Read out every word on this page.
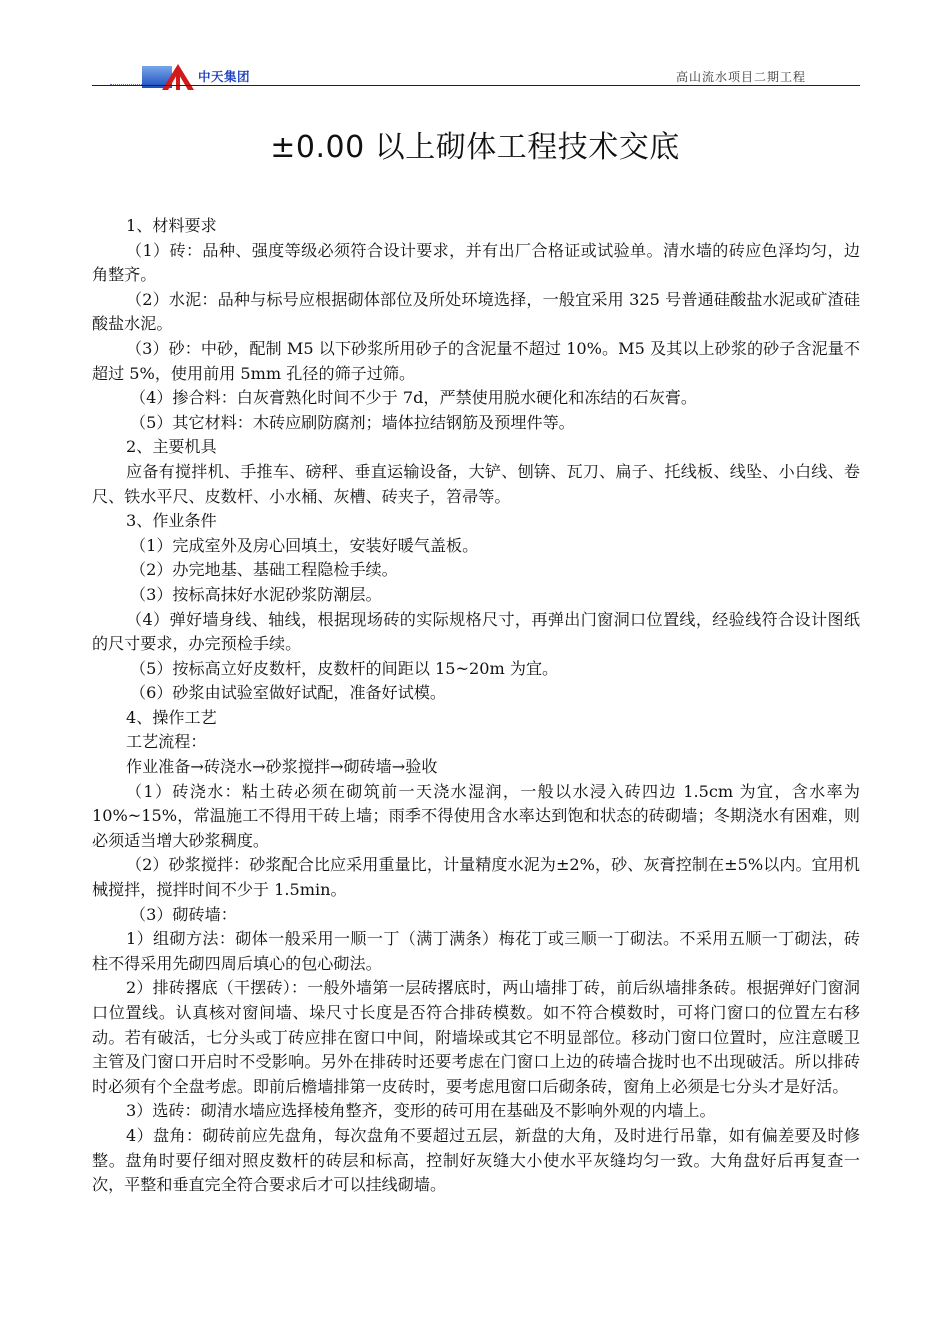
中天集团	高山流水项目二期工程
±0.00 以上砌体工程技术交底

1、材料要求

（1）砖：品种、强度等级必须符合设计要求，并有出厂合格证或试验单。清水墙的砖应色泽均匀，边角整齐。

（2）水泥：品种与标号应根据砌体部位及所处环境选择，一般宜采用 325 号普通硅酸盐水泥或矿渣硅酸盐水泥。

（3）砂：中砂，配制 M5 以下砂浆所用砂子的含泥量不超过 10%。M5 及其以上砂浆的砂子含泥量不超过 5%，使用前用 5mm 孔径的筛子过筛。

（4）掺合料：白灰膏熟化时间不少于 7d，严禁使用脱水硬化和冻结的石灰膏。

（5）其它材料：木砖应刷防腐剂；墙体拉结钢筋及预埋件等。

2、主要机具

应备有搅拌机、手推车、磅秤、垂直运输设备，大铲、刨锛、瓦刀、扁子、托线板、线坠、小白线、卷尺、铁水平尺、皮数杆、小水桶、灰槽、砖夹子，笤帚等。

3、作业条件

（1）完成室外及房心回填土，安装好暖气盖板。

（2）办完地基、基础工程隐检手续。

（3）按标高抹好水泥砂浆防潮层。

（4）弹好墙身线、轴线，根据现场砖的实际规格尺寸，再弹出门窗洞口位置线，经验线符合设计图纸的尺寸要求，办完预检手续。

（5）按标高立好皮数杆，皮数杆的间距以 15~20m 为宜。

（6）砂浆由试验室做好试配，准备好试模。

4、操作工艺

工艺流程：

作业准备→砖浇水→砂浆搅拌→砌砖墙→验收

（1）砖浇水：粘土砖必须在砌筑前一天浇水湿润，一般以水浸入砖四边 1.5cm 为宜，含水率为 10%~15%，常温施工不得用干砖上墙；雨季不得使用含水率达到饱和状态的砖砌墙；冬期浇水有困难，则必须适当增大砂浆稠度。

（2）砂浆搅拌：砂浆配合比应采用重量比，计量精度水泥为±2%，砂、灰膏控制在±5%以内。宜用机械搅拌，搅拌时间不少于 1.5min。

（3）砌砖墙：

1）组砌方法：砌体一般采用一顺一丁（满丁满条）梅花丁或三顺一丁砌法。不采用五顺一丁砌法，砖柱不得采用先砌四周后填心的包心砌法。

2）排砖撂底（干摆砖）：一般外墙第一层砖撂底时，两山墙排丁砖，前后纵墙排条砖。根据弹好门窗洞口位置线。认真核对窗间墙、垛尺寸长度是否符合排砖模数。如不符合模数时，可将门窗口的位置左右移动。若有破活，七分头或丁砖应排在窗口中间，附墙垛或其它不明显部位。移动门窗口位置时，应注意暖卫主管及门窗口开启时不受影响。另外在排砖时还要考虑在门窗口上边的砖墙合拢时也不出现破活。所以排砖时必须有个全盘考虑。即前后檐墙排第一皮砖时，要考虑甩窗口后砌条砖，窗角上必须是七分头才是好活。

3）选砖：砌清水墙应选择棱角整齐，变形的砖可用在基础及不影响外观的内墙上。

4）盘角：砌砖前应先盘角，每次盘角不要超过五层，新盘的大角，及时进行吊靠，如有偏差要及时修整。盘角时要仔细对照皮数杆的砖层和标高，控制好灰缝大小使水平灰缝均匀一致。大角盘好后再复查一次，平整和垂直完全符合要求后才可以挂线砌墙。
